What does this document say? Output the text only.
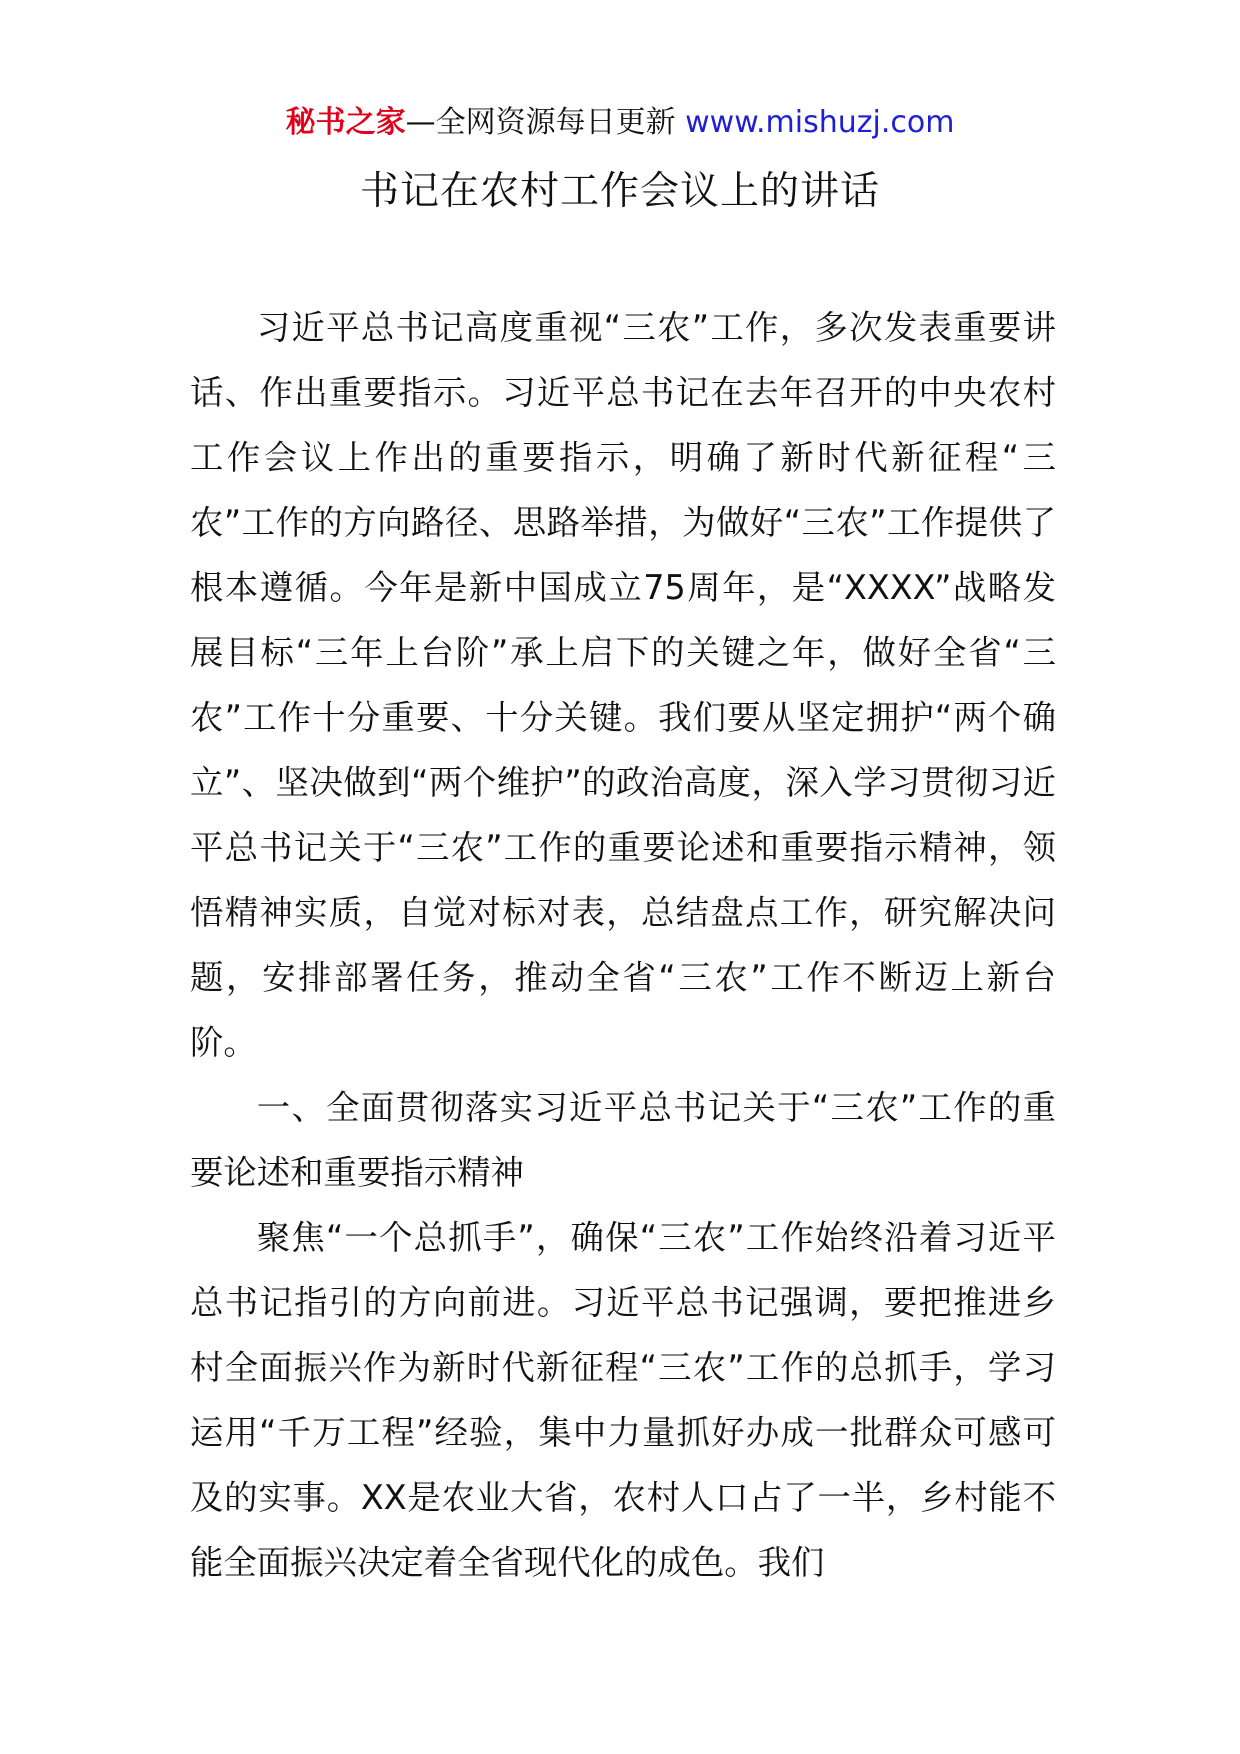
秘书之家—全网资源每日更新 www.mishuzj.com
书记在农村工作会议上的讲话

习近平总书记高度重视“三农”工作，多次发表重要讲话、作出重要指示。习近平总书记在去年召开的中央农村工作会议上作出的重要指示，明确了新时代新征程“三农”工作的方向路径、思路举措，为做好“三农”工作提供了根本遵循。今年是新中国成立75周年，是“XXXX”战略发展目标“三年上台阶”承上启下的关键之年，做好全省“三农”工作十分重要、十分关键。我们要从坚定拥护“两个确立”、坚决做到“两个维护”的政治高度，深入学习贯彻习近平总书记关于“三农”工作的重要论述和重要指示精神，领悟精神实质，自觉对标对表，总结盘点工作，研究解决问题，安排部署任务，推动全省“三农”工作不断迈上新台阶。

一、全面贯彻落实习近平总书记关于“三农”工作的重要论述和重要指示精神

聚焦“一个总抓手”，确保“三农”工作始终沿着习近平总书记指引的方向前进。习近平总书记强调，要把推进乡村全面振兴作为新时代新征程“三农”工作的总抓手，学习运用“千万工程”经验，集中力量抓好办成一批群众可感可及的实事。XX是农业大省，农村人口占了一半，乡村能不能全面振兴决定着全省现代化的成色。我们
